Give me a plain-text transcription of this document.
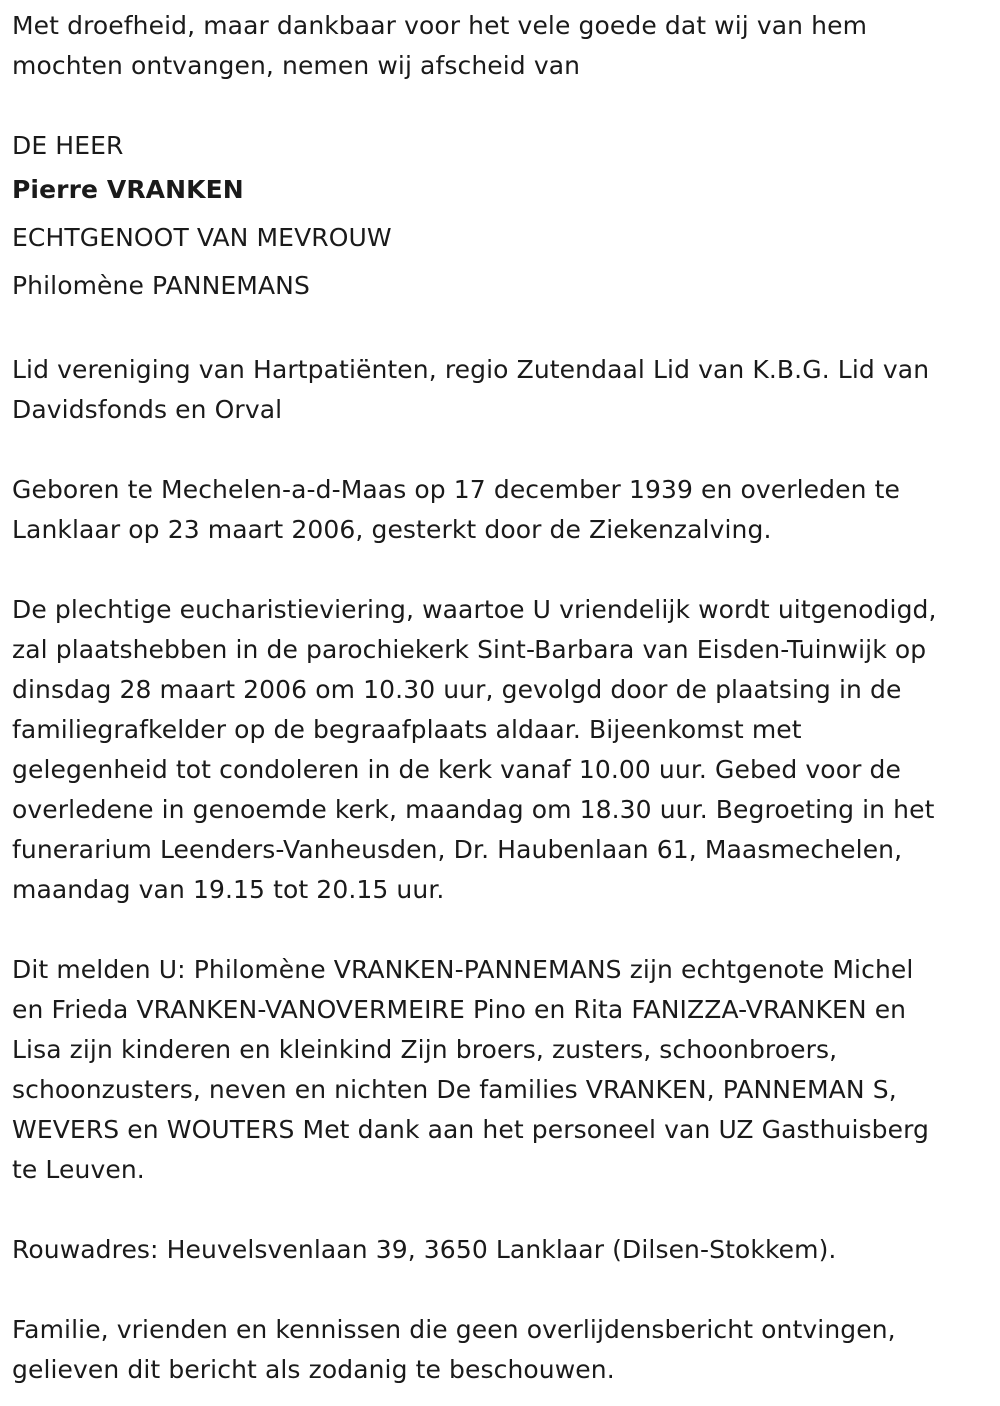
Met droefheid, maar dankbaar voor het vele goede dat wij van hem
mochten ontvangen, nemen wij afscheid van
DE HEER
Pierre VRANKEN
ECHTGENOOT VAN MEVROUW
Philomène PANNEMANS
Lid vereniging van Hartpatiënten, regio Zutendaal Lid van K.B.G. Lid van
Davidsfonds en Orval
Geboren te Mechelen-a-d-Maas op 17 december 1939 en overleden te
Lanklaar op 23 maart 2006, gesterkt door de Ziekenzalving.
De plechtige eucharistieviering, waartoe U vriendelijk wordt uitgenodigd,
zal plaatshebben in de parochiekerk Sint-Barbara van Eisden-Tuinwijk op
dinsdag 28 maart 2006 om 10.30 uur, gevolgd door de plaatsing in de
familiegrafkelder op de begraafplaats aldaar. Bijeenkomst met
gelegenheid tot condoleren in de kerk vanaf 10.00 uur. Gebed voor de
overledene in genoemde kerk, maandag om 18.30 uur. Begroeting in het
funerarium Leenders-Vanheusden, Dr. Haubenlaan 61, Maasmechelen,
maandag van 19.15 tot 20.15 uur.
Dit melden U: Philomène VRANKEN-PANNEMANS zijn echtgenote Michel
en Frieda VRANKEN-VANOVERMEIRE Pino en Rita FANIZZA-VRANKEN en
Lisa zijn kinderen en kleinkind Zijn broers, zusters, schoonbroers,
schoonzusters, neven en nichten De families VRANKEN, PANNEMAN S,
WEVERS en WOUTERS Met dank aan het personeel van UZ Gasthuisberg
te Leuven.
Rouwadres: Heuvelsvenlaan 39, 3650 Lanklaar (Dilsen-Stokkem).
Familie, vrienden en kennissen die geen overlijdensbericht ontvingen,
gelieven dit bericht als zodanig te beschouwen.
